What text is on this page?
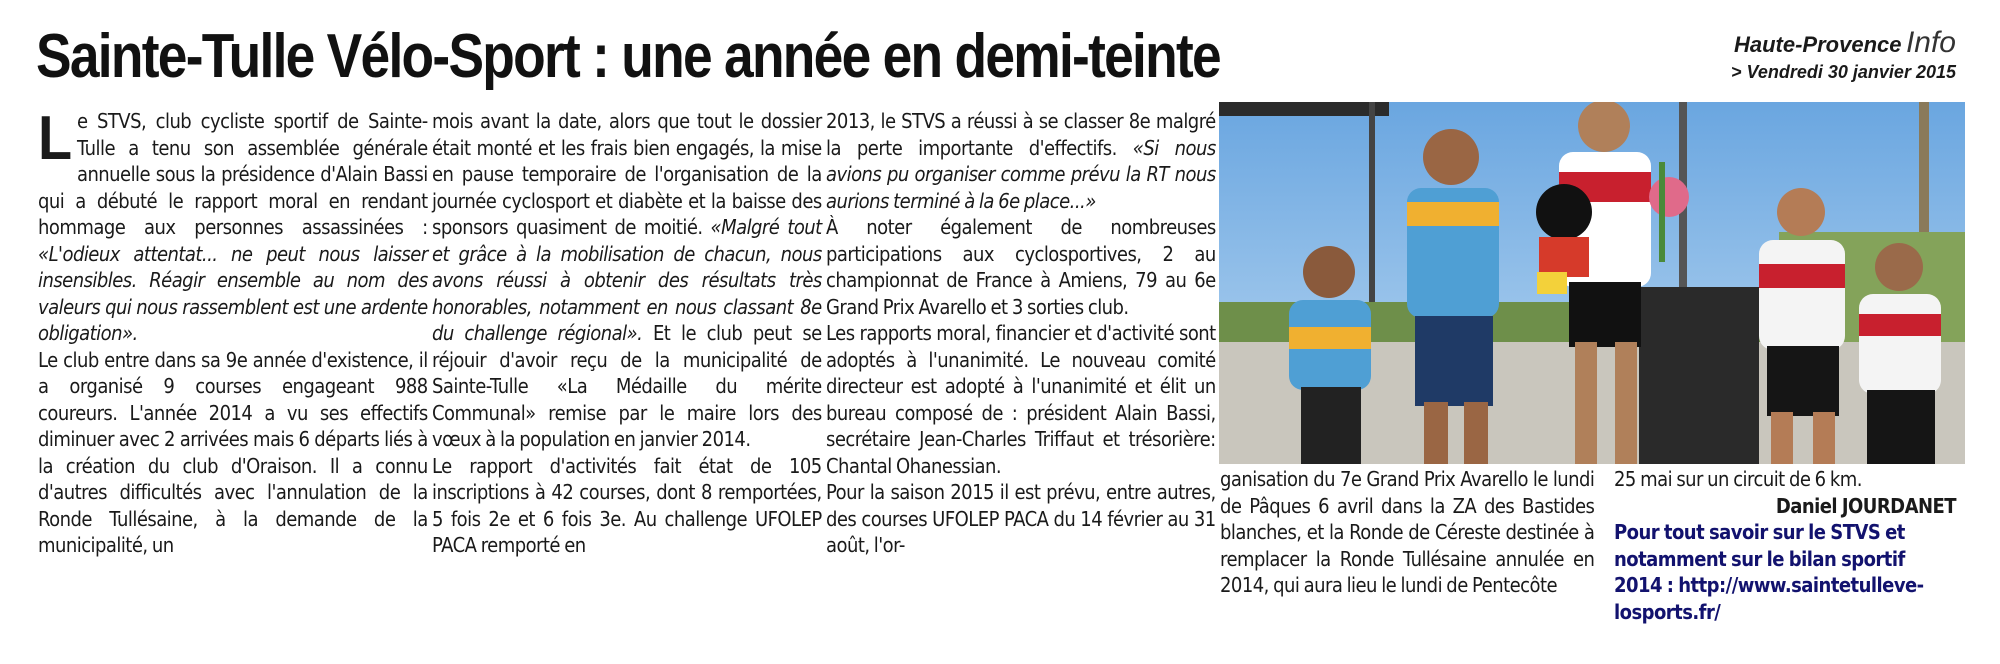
Sainte-Tulle Vélo-Sport : une année en demi-teinte	Haute-Provence Info
> Vendredi 30 janvier 2015

Le STVS, club cycliste sportif de Sainte-Tulle a tenu son assemblée générale annuelle sous la présidence d'Alain Bassi qui a débuté le rapport moral en rendant hommage aux personnes assassinées : «L'odieux attentat... ne peut nous laisser insensibles. Réagir ensemble au nom des valeurs qui nous rassemblent est une ardente obligation».

Le club entre dans sa 9e année d'existence, il a organisé 9 courses engageant 988 coureurs. L'année 2014 a vu ses effectifs diminuer avec 2 arrivées mais 6 départs liés à la création du club d'Oraison. Il a connu d'autres difficultés avec l'annulation de la Ronde Tullésaine, à la demande de la municipalité, un

mois avant la date, alors que tout le dossier était monté et les frais bien engagés, la mise en pause temporaire de l'organisation de la journée cyclosport et diabète et la baisse des sponsors quasiment de moitié. «Malgré tout et grâce à la mobilisation de chacun, nous avons réussi à obtenir des résultats très honorables, notamment en nous classant 8e du challenge régional». Et le club peut se réjouir d'avoir reçu de la municipalité de Sainte-Tulle «La Médaille du mérite Communal» remise par le maire lors des vœux à la population en janvier 2014.

Le rapport d'activités fait état de 105 inscriptions à 42 courses, dont 8 remportées, 5 fois 2e et 6 fois 3e. Au challenge UFOLEP PACA remporté en

2013, le STVS a réussi à se classer 8e malgré la perte importante d'effectifs. «Si nous avions pu organiser comme prévu la RT nous aurions terminé à la 6e place...»

À noter également de nombreuses participations aux cyclosportives, 2 au championnat de France à Amiens, 79 au 6e Grand Prix Avarello et 3 sorties club.

Les rapports moral, financier et d'activité sont adoptés à l'unanimité. Le nouveau comité directeur est adopté à l'unanimité et élit un bureau composé de : président Alain Bassi, secrétaire Jean-Charles Triffaut et trésorière: Chantal Ohanessian.

Pour la saison 2015 il est prévu, entre autres, des courses UFOLEP PACA du 14 février au 31 août, l'or-

ganisation du 7e Grand Prix Avarello le lundi de Pâques 6 avril dans la ZA des Bastides blanches, et la Ronde de Céreste destinée à remplacer la Ronde Tullésaine annulée en 2014, qui aura lieu le lundi de Pentecôte

25 mai sur un circuit de 6 km.

Daniel JOURDANET

Pour tout savoir sur le STVS et notamment sur le bilan sportif 2014 : http://www.saintetulleve-losports.fr/
